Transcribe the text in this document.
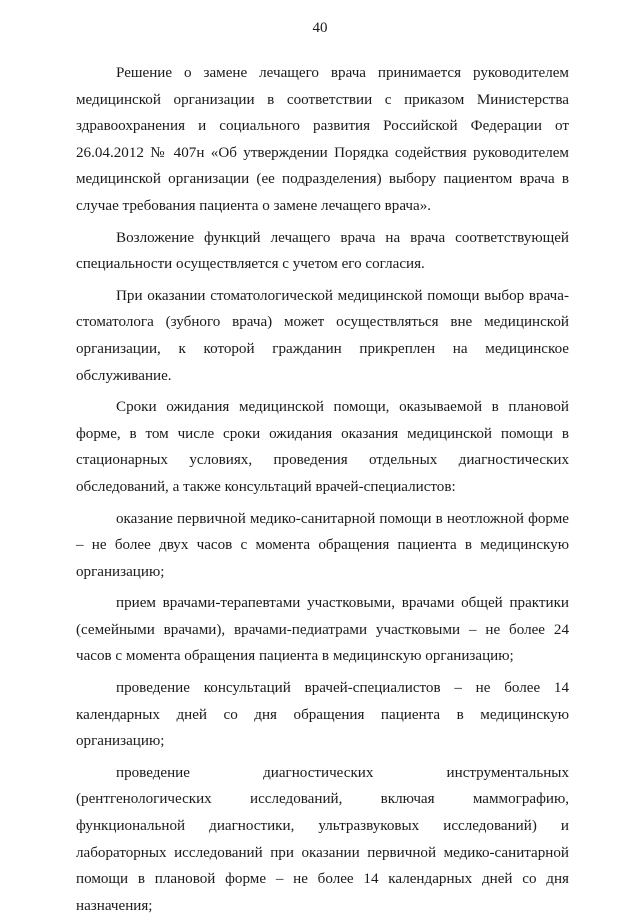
40

Решение о замене лечащего врача принимается руководителем медицинской организации в соответствии с приказом Министерства здравоохранения и социального развития Российской Федерации от 26.04.2012 № 407н «Об утверждении Порядка содействия руководителем медицинской организации (ее подразделения) выбору пациентом врача в случае требования пациента о замене лечащего врача».

Возложение функций лечащего врача на врача соответствующей специальности осуществляется с учетом его согласия.

При оказании стоматологической медицинской помощи выбор врача-стоматолога (зубного врача) может осуществляться вне медицинской организации, к которой гражданин прикреплен на медицинское обслуживание.

Сроки ожидания медицинской помощи, оказываемой в плановой форме, в том числе сроки ожидания оказания медицинской помощи в стационарных условиях, проведения отдельных диагностических обследований, а также консультаций врачей-специалистов:

оказание первичной медико-санитарной помощи в неотложной форме – не более двух часов с момента обращения пациента в медицинскую организацию;

прием врачами-терапевтами участковыми, врачами общей практики (семейными врачами), врачами-педиатрами участковыми – не более 24 часов с момента обращения пациента в медицинскую организацию;

проведение консультаций врачей-специалистов – не более 14 календарных дней со дня обращения пациента в медицинскую организацию;

проведение диагностических инструментальных (рентгенологических исследований, включая маммографию, функциональной диагностики, ультразвуковых исследований) и лабораторных исследований при оказании первичной медико-санитарной помощи в плановой форме – не более 14 календарных дней со дня назначения;
